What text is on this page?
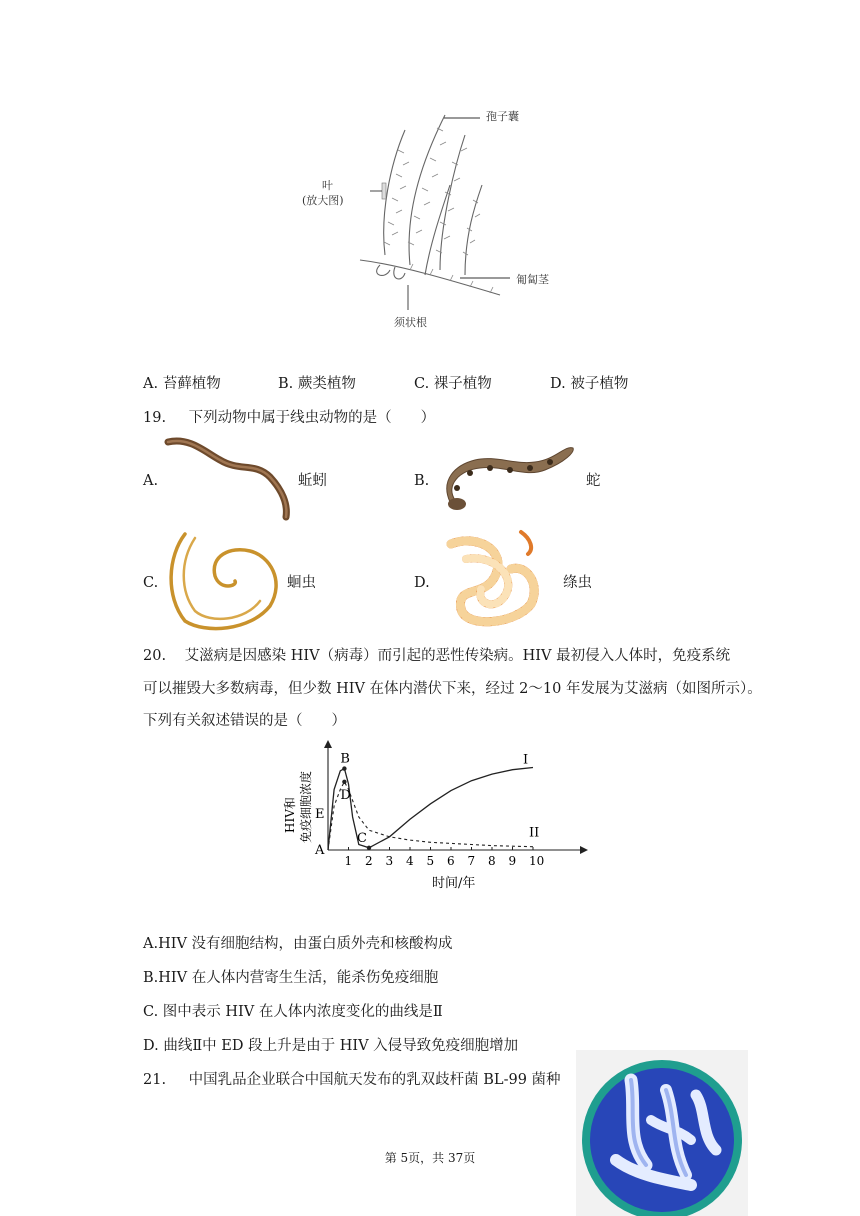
孢子囊
叶
(放大图)
匍匐茎
须状根
A. 苔藓植物	B. 蕨类植物	C. 裸子植物	D. 被子植物
19. 下列动物中属于线虫动物的是（　　）
A.	蚯蚓	B.	蛇
C.	蛔虫	D.	绦虫
20. 艾滋病是因感染 HIV（病毒）而引起的恶性传染病。HIV 最初侵入人体时，免疫系统
可以摧毁大多数病毒，但少数 HIV 在体内潜伏下来，经过 2～10 年发展为艾滋病（如图所示）。
下列有关叙述错误的是（　　）
1 2 3 4 5 6 7 8 9 10
A
B
C
D
E
I
II
时间/年
HIV和 免疫细胞浓度
A.HIV 没有细胞结构，由蛋白质外壳和核酸构成
B.HIV 在人体内营寄生生活，能杀伤免疫细胞
C. 图中表示 HIV 在人体内浓度变化的曲线是Ⅱ
D. 曲线Ⅱ中 ED 段上升是由于 HIV 入侵导致免疫细胞增加
21. 中国乳品企业联合中国航天发布的乳双歧杆菌 BL-99 菌种
第 5页，共 37页
